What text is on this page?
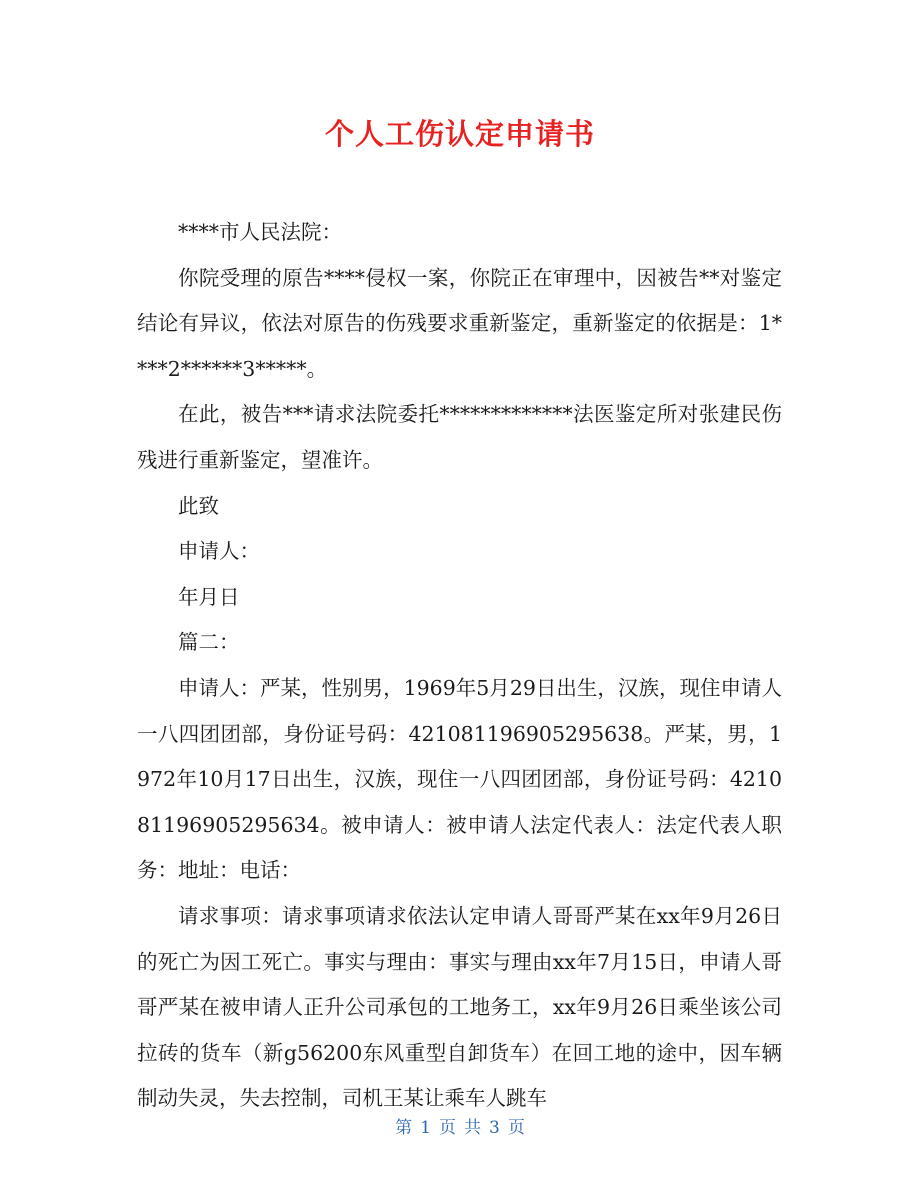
个人工伤认定申请书

****市人民法院：

你院受理的原告****侵权一案，你院正在审理中，因被告**对鉴定结论有异议，依法对原告的伤残要求重新鉴定，重新鉴定的依据是：1****2******3*****。

在此，被告***请求法院委托*************法医鉴定所对张建民伤残进行重新鉴定，望准许。

此致

申请人：

年月日

篇二：

申请人：严某，性别男，1969年5月29日出生，汉族，现住申请人一八四团团部，身份证号码：421081196905295638。严某，男，1972年10月17日出生，汉族，现住一八四团团部，身份证号码：421081196905295634。被申请人：被申请人法定代表人：法定代表人职务：地址：电话：

请求事项：请求事项请求依法认定申请人哥哥严某在xx年9月26日的死亡为因工死亡。事实与理由：事实与理由xx年7月15日，申请人哥哥严某在被申请人正升公司承包的工地务工，xx年9月26日乘坐该公司拉砖的货车（新g56200东风重型自卸货车）在回工地的途中，因车辆制动失灵，失去控制，司机王某让乘车人跳车

第 1 页 共 3 页
